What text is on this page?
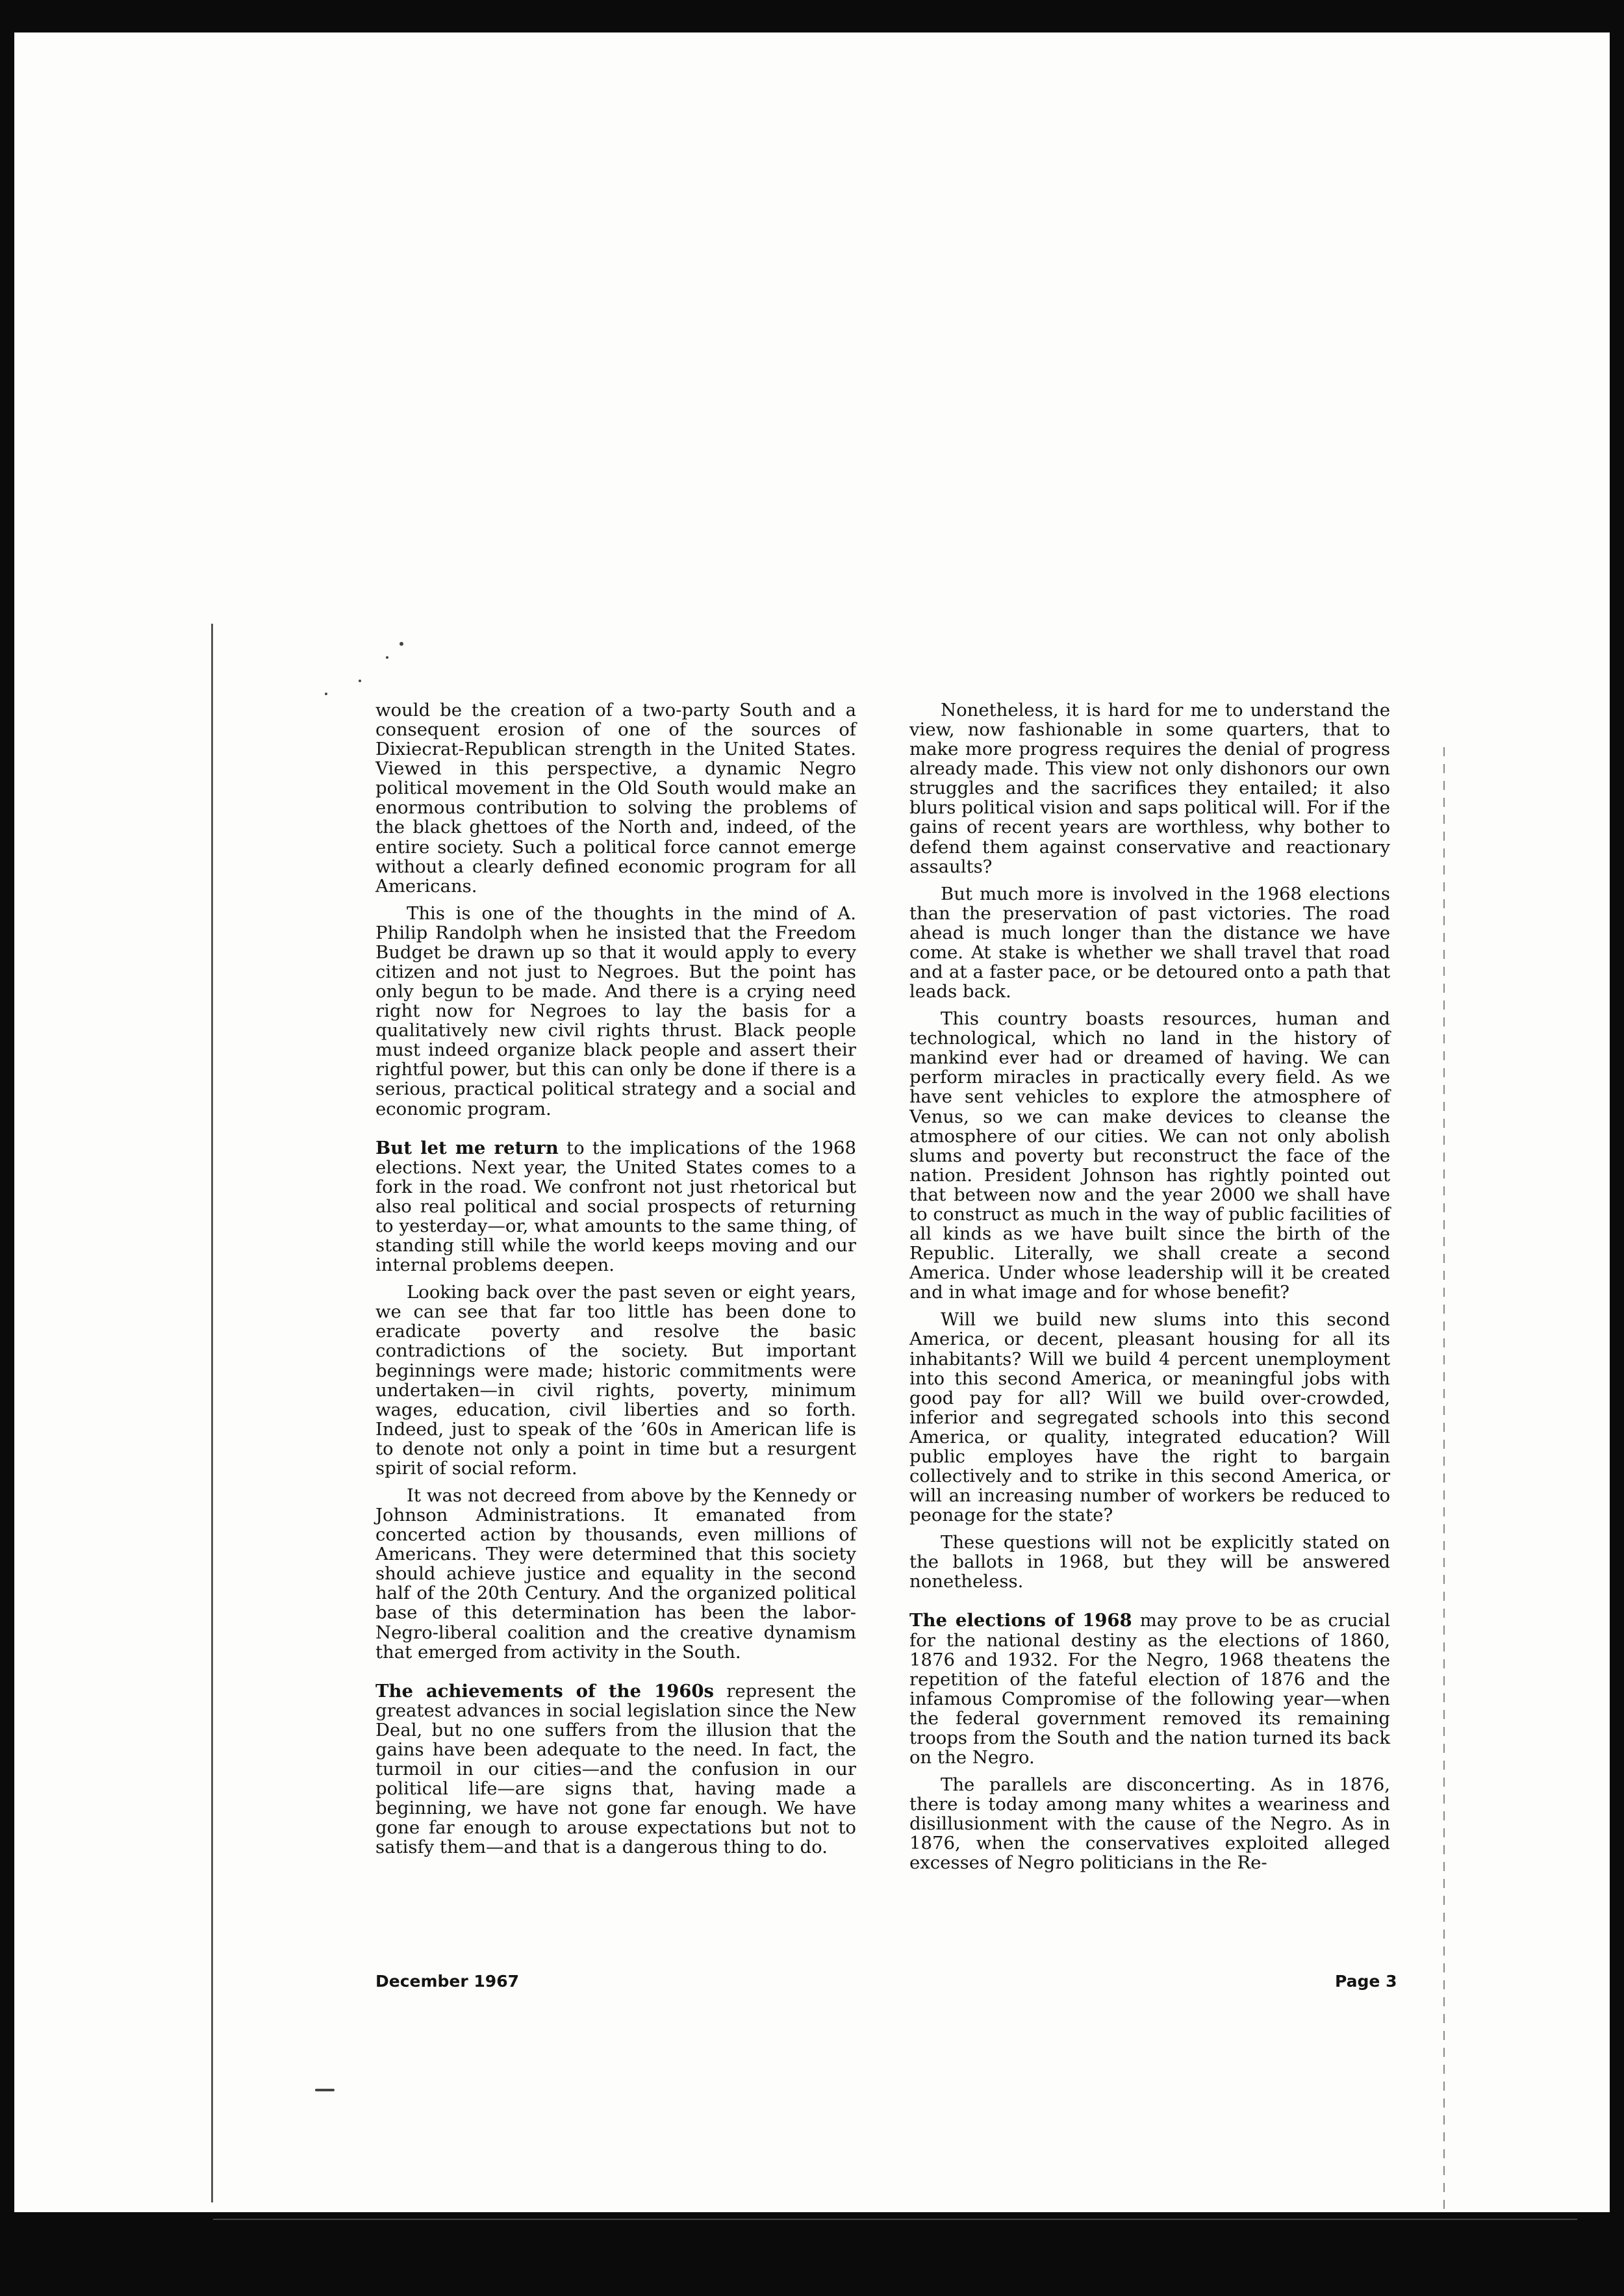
would be the creation of a two-party South and a consequent erosion of one of the sources of Dixiecrat-Republican strength in the United States. Viewed in this perspective, a dynamic Negro political movement in the Old South would make an enormous contribution to solving the problems of the black ghettoes of the North and, indeed, of the entire society. Such a political force cannot emerge without a clearly defined economic program for all Americans.

This is one of the thoughts in the mind of A. Philip Randolph when he insisted that the Freedom Budget be drawn up so that it would apply to every citizen and not just to Negroes. But the point has only begun to be made. And there is a crying need right now for Negroes to lay the basis for a qualitatively new civil rights thrust. Black people must indeed organize black people and assert their rightful power, but this can only be done if there is a serious, practical political strategy and a social and economic program.

But let me return to the implications of the 1968 elections. Next year, the United States comes to a fork in the road. We confront not just rhetorical but also real political and social prospects of returning to yesterday—or, what amounts to the same thing, of standing still while the world keeps moving and our internal problems deepen.

Looking back over the past seven or eight years, we can see that far too little has been done to eradicate poverty and resolve the basic contradictions of the society. But important beginnings were made; historic commitments were undertaken—in civil rights, poverty, minimum wages, education, civil liberties and so forth. Indeed, just to speak of the ’60s in American life is to denote not only a point in time but a resurgent spirit of social reform.

It was not decreed from above by the Kennedy or Johnson Administrations. It emanated from concerted action by thousands, even millions of Americans. They were determined that this society should achieve justice and equality in the second half of the 20th Century. And the organized political base of this determination has been the labor-Negro-liberal coalition and the creative dynamism that emerged from activity in the South.

The achievements of the 1960s represent the greatest advances in social legislation since the New Deal, but no one suffers from the illusion that the gains have been adequate to the need. In fact, the turmoil in our cities—and the confusion in our political life—are signs that, having made a beginning, we have not gone far enough. We have gone far enough to arouse expectations but not to satisfy them—and that is a dangerous thing to do.

Nonetheless, it is hard for me to understand the view, now fashionable in some quarters, that to make more progress requires the denial of progress already made. This view not only dishonors our own struggles and the sacrifices they entailed; it also blurs political vision and saps political will. For if the gains of recent years are worthless, why bother to defend them against conservative and reactionary assaults?

But much more is involved in the 1968 elections than the preservation of past victories. The road ahead is much longer than the distance we have come. At stake is whether we shall travel that road and at a faster pace, or be detoured onto a path that leads back.

This country boasts resources, human and technological, which no land in the history of mankind ever had or dreamed of having. We can perform miracles in practically every field. As we have sent vehicles to explore the atmosphere of Venus, so we can make devices to cleanse the atmosphere of our cities. We can not only abolish slums and poverty but reconstruct the face of the nation. President Johnson has rightly pointed out that between now and the year 2000 we shall have to construct as much in the way of public facilities of all kinds as we have built since the birth of the Republic. Literally, we shall create a second America. Under whose leadership will it be created and in what image and for whose benefit?

Will we build new slums into this second America, or decent, pleasant housing for all its inhabitants? Will we build 4 percent unemployment into this second America, or meaningful jobs with good pay for all? Will we build over-crowded, inferior and segregated schools into this second America, or quality, integrated education? Will public employes have the right to bargain collectively and to strike in this second America, or will an increasing number of workers be reduced to peonage for the state?

These questions will not be explicitly stated on the ballots in 1968, but they will be answered nonetheless.

The elections of 1968 may prove to be as crucial for the national destiny as the elections of 1860, 1876 and 1932. For the Negro, 1968 theatens the repetition of the fateful election of 1876 and the infamous Compromise of the following year—when the federal government removed its remaining troops from the South and the nation turned its back on the Negro.

The parallels are disconcerting. As in 1876, there is today among many whites a weariness and disillusionment with the cause of the Negro. As in 1876, when the conservatives exploited alleged excesses of Negro politicians in the Re-

December 1967	Page 3
